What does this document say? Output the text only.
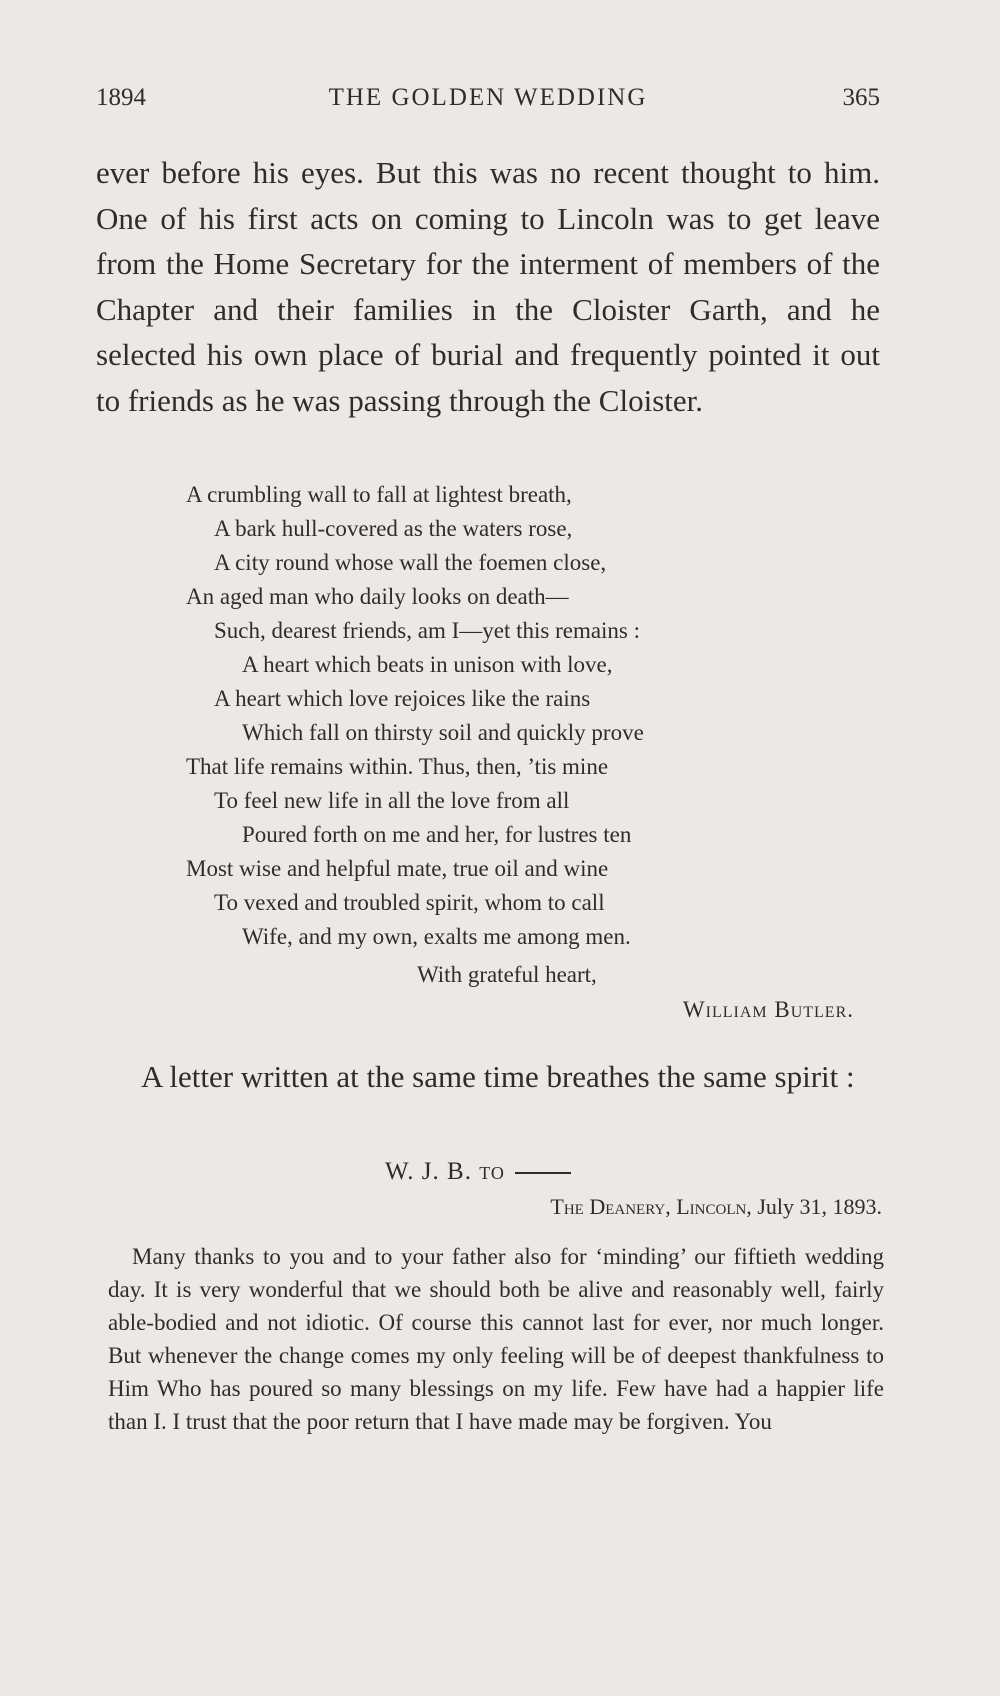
1894	THE GOLDEN WEDDING	365

ever before his eyes. But this was no recent thought to him. One of his first acts on coming to Lincoln was to get leave from the Home Secretary for the interment of members of the Chapter and their families in the Cloister Garth, and he selected his own place of burial and frequently pointed it out to friends as he was passing through the Cloister.

A crumbling wall to fall at lightest breath,
A bark hull-covered as the waters rose,
A city round whose wall the foemen close,
An aged man who daily looks on death—
Such, dearest friends, am I—yet this remains :
A heart which beats in unison with love,
A heart which love rejoices like the rains
Which fall on thirsty soil and quickly prove
That life remains within. Thus, then, ’tis mine
To feel new life in all the love from all
Poured forth on me and her, for lustres ten
Most wise and helpful mate, true oil and wine
To vexed and troubled spirit, whom to call
Wife, and my own, exalts me among men.
With grateful heart,
William Butler.

A letter written at the same time breathes the same spirit :

W. J. B. to
The Deanery, Lincoln, July 31, 1893.

Many thanks to you and to your father also for ‘minding’ our fiftieth wedding day. It is very wonderful that we should both be alive and reasonably well, fairly able-bodied and not idiotic. Of course this cannot last for ever, nor much longer. But whenever the change comes my only feeling will be of deepest thankfulness to Him Who has poured so many blessings on my life. Few have had a happier life than I. I trust that the poor return that I have made may be forgiven. You
